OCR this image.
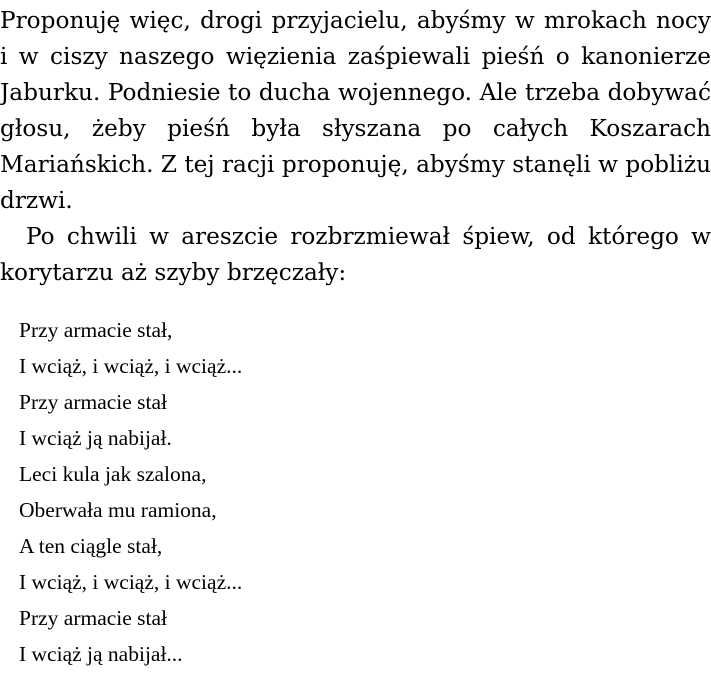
Proponuję więc, drogi przyjacielu, abyśmy w mrokach nocy i w ciszy naszego więzienia zaśpiewali pieśń o kanonierze Jaburku. Podniesie to ducha wojennego. Ale trzeba dobywać głosu, żeby pieśń była słyszana po całych Koszarach Mariańskich. Z tej racji proponuję, abyśmy stanęli w pobliżu drzwi.

Po chwili w areszcie rozbrzmiewał śpiew, od którego w korytarzu aż szyby brzęczały:

Przy armacie stał,
I wciąż, i wciąż, i wciąż...
Przy armacie stał
I wciąż ją nabijał.
Leci kula jak szalona,
Oberwała mu ramiona,
A ten ciągle stał,
I wciąż, i wciąż, i wciąż...
Przy armacie stał
I wciąż ją nabijał...
